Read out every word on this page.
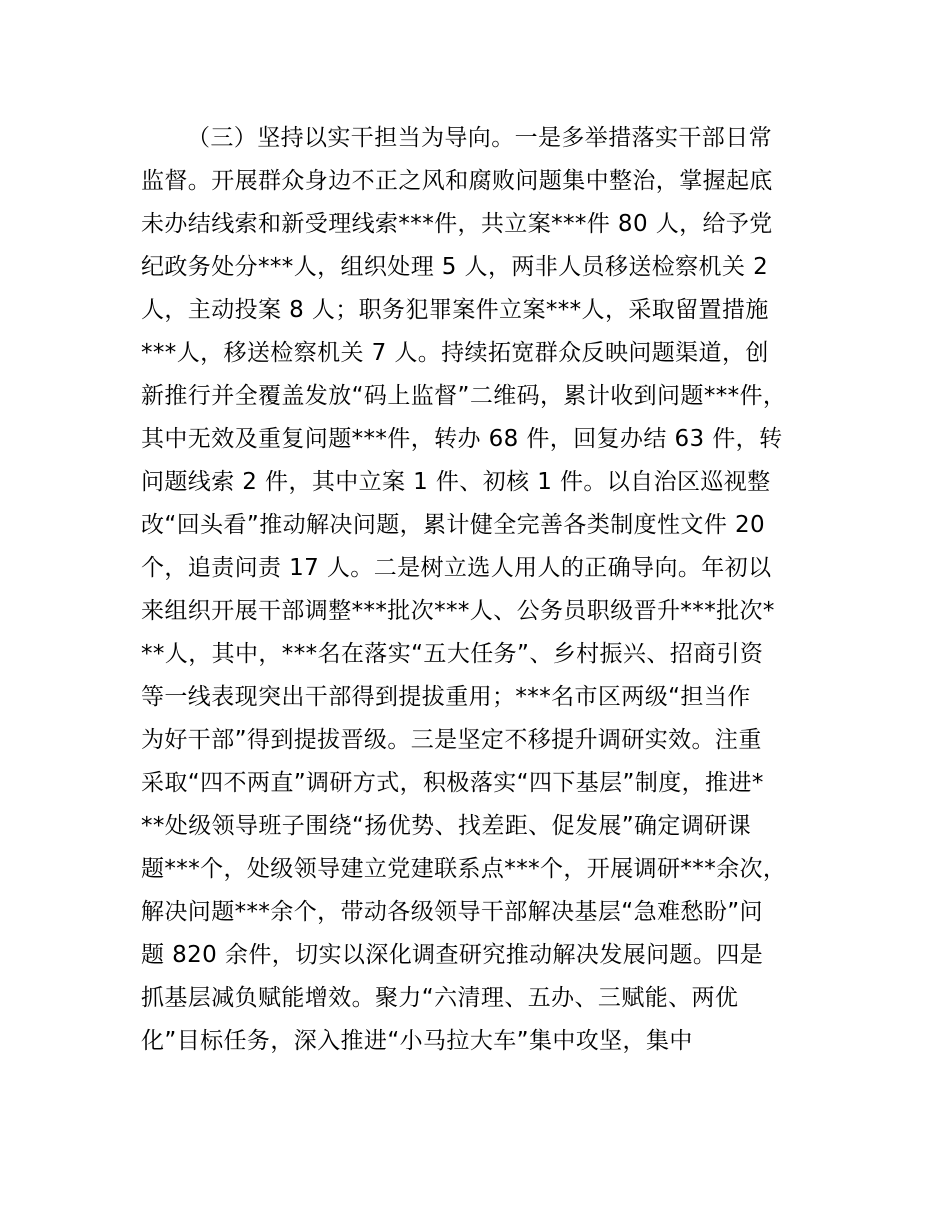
（三）坚持以实干担当为导向。一是多举措落实干部日常
监督。开展群众身边不正之风和腐败问题集中整治，掌握起底
未办结线索和新受理线索***件，共立案***件 80 人，给予党
纪政务处分***人，组织处理 5 人，两非人员移送检察机关 2
人，主动投案 8 人；职务犯罪案件立案***人，采取留置措施
***人，移送检察机关 7 人。持续拓宽群众反映问题渠道，创
新推行并全覆盖发放“码上监督”二维码，累计收到问题***件，
其中无效及重复问题***件，转办 68 件，回复办结 63 件，转
问题线索 2 件，其中立案 1 件、初核 1 件。以自治区巡视整
改“回头看”推动解决问题，累计健全完善各类制度性文件 20
个，追责问责 17 人。二是树立选人用人的正确导向。年初以
来组织开展干部调整***批次***人、公务员职级晋升***批次*
**人，其中，***名在落实“五大任务”、乡村振兴、招商引资
等一线表现突出干部得到提拔重用；***名市区两级“担当作
为好干部”得到提拔晋级。三是坚定不移提升调研实效。注重
采取“四不两直”调研方式，积极落实“四下基层”制度，推进*
**处级领导班子围绕“扬优势、找差距、促发展”确定调研课
题***个，处级领导建立党建联系点***个，开展调研***余次，
解决问题***余个，带动各级领导干部解决基层“急难愁盼”问
题 820 余件，切实以深化调查研究推动解决发展问题。四是
抓基层减负赋能增效。聚力“六清理、五办、三赋能、两优
化”目标任务，深入推进“小马拉大车”集中攻坚，集中
